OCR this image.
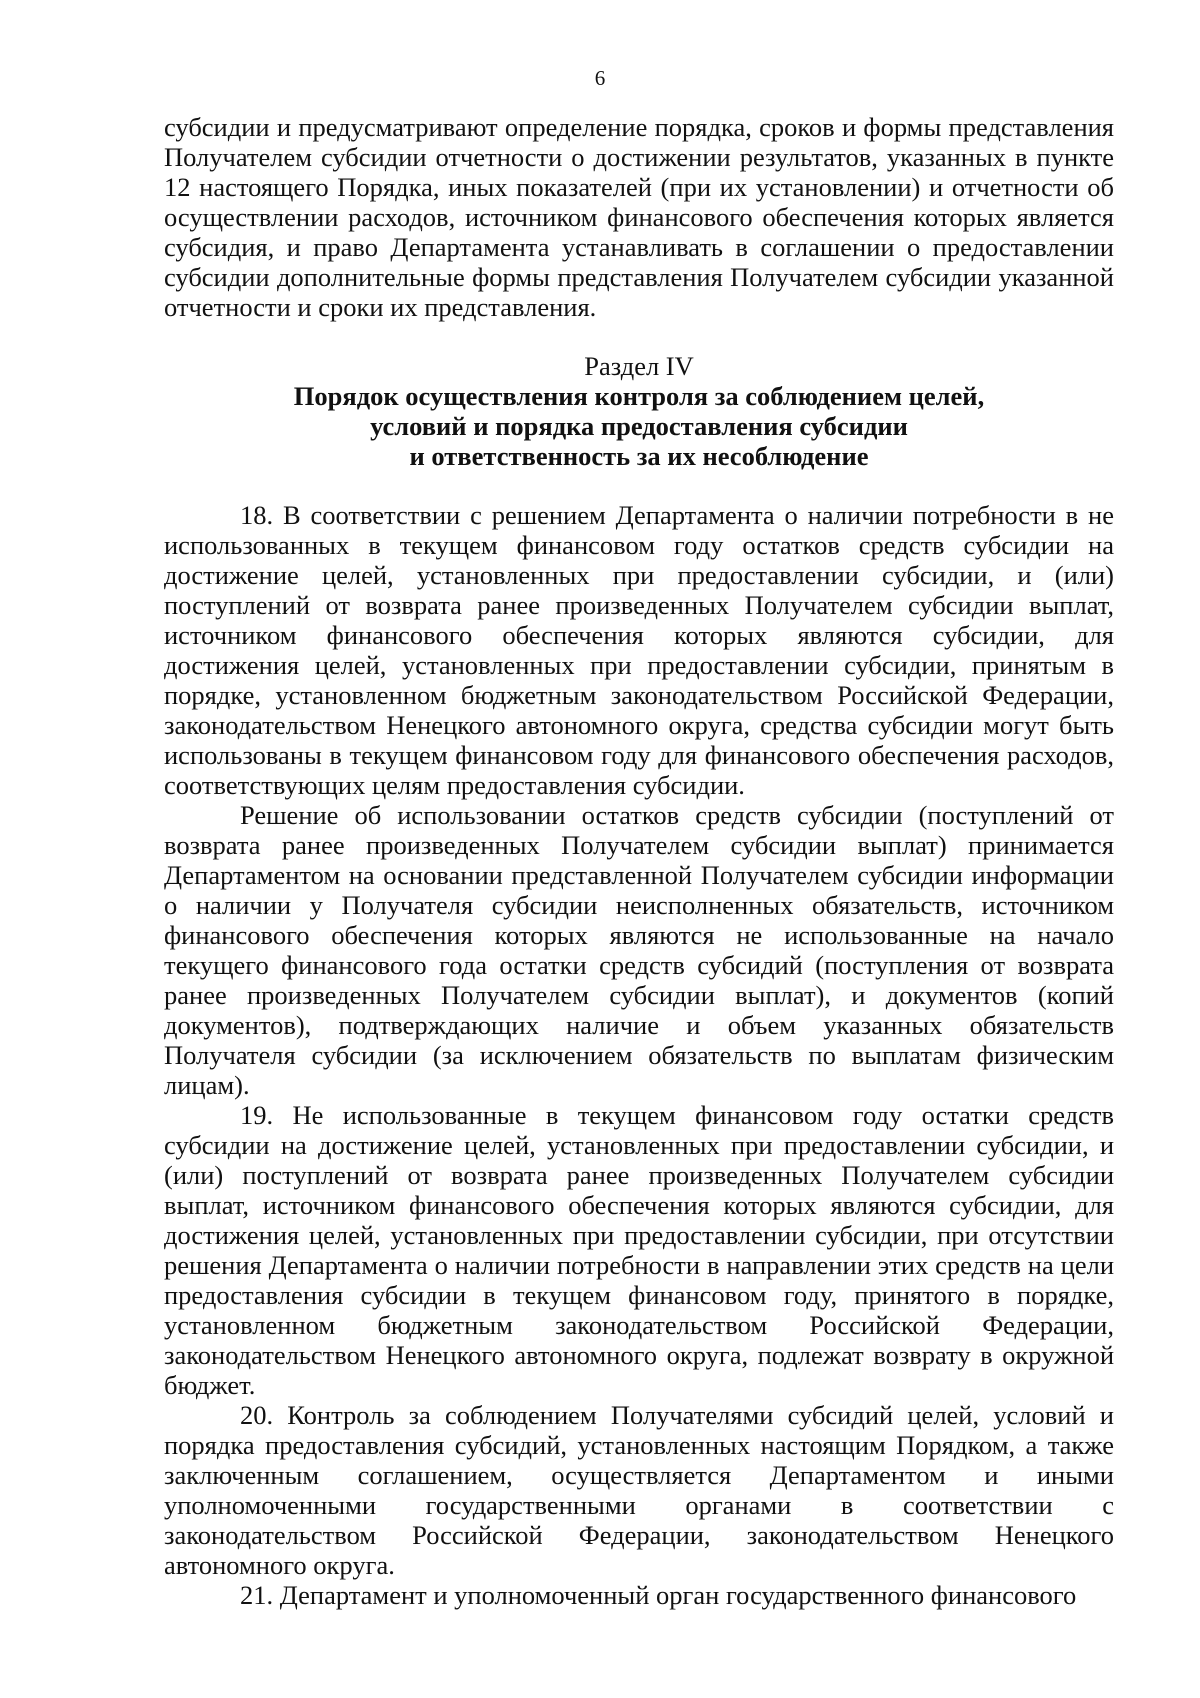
6

субсидии и предусматривают определение порядка, сроков и формы представления Получателем субсидии отчетности о достижении результатов, указанных в пункте 12 настоящего Порядка, иных показателей (при их установлении) и отчетности об осуществлении расходов, источником финансового обеспечения которых является субсидия, и право Департамента устанавливать в соглашении о предоставлении субсидии дополнительные формы представления Получателем субсидии указанной отчетности и сроки их представления.

Раздел IV
Порядок осуществления контроля за соблюдением целей,
условий и порядка предоставления субсидии
и ответственность за их несоблюдение

18. В соответствии с решением Департамента о наличии потребности в не использованных в текущем финансовом году остатков средств субсидии на достижение целей, установленных при предоставлении субсидии, и (или) поступлений от возврата ранее произведенных Получателем субсидии выплат, источником финансового обеспечения которых являются субсидии, для достижения целей, установленных при предоставлении субсидии, принятым в порядке, установленном бюджетным законодательством Российской Федерации, законодательством Ненецкого автономного округа, средства субсидии могут быть использованы в текущем финансовом году для финансового обеспечения расходов, соответствующих целям предоставления субсидии.

Решение об использовании остатков средств субсидии (поступлений от возврата ранее произведенных Получателем субсидии выплат) принимается Департаментом на основании представленной Получателем субсидии информации о наличии у Получателя субсидии неисполненных обязательств, источником финансового обеспечения которых являются не использованные на начало текущего финансового года остатки средств субсидий (поступления от возврата ранее произведенных Получателем субсидии выплат), и документов (копий документов), подтверждающих наличие и объем указанных обязательств Получателя субсидии (за исключением обязательств по выплатам физическим лицам).

19. Не использованные в текущем финансовом году остатки средств субсидии на достижение целей, установленных при предоставлении субсидии, и (или) поступлений от возврата ранее произведенных Получателем субсидии выплат, источником финансового обеспечения которых являются субсидии, для достижения целей, установленных при предоставлении субсидии, при отсутствии решения Департамента о наличии потребности в направлении этих средств на цели предоставления субсидии в текущем финансовом году, принятого в порядке, установленном бюджетным законодательством Российской Федерации, законодательством Ненецкого автономного округа, подлежат возврату в окружной бюджет.

20. Контроль за соблюдением Получателями субсидий целей, условий и порядка предоставления субсидий, установленных настоящим Порядком, а также заключенным соглашением, осуществляется Департаментом и иными уполномоченными государственными органами в соответствии с законодательством Российской Федерации, законодательством Ненецкого автономного округа.

21. Департамент и уполномоченный орган государственного финансового
